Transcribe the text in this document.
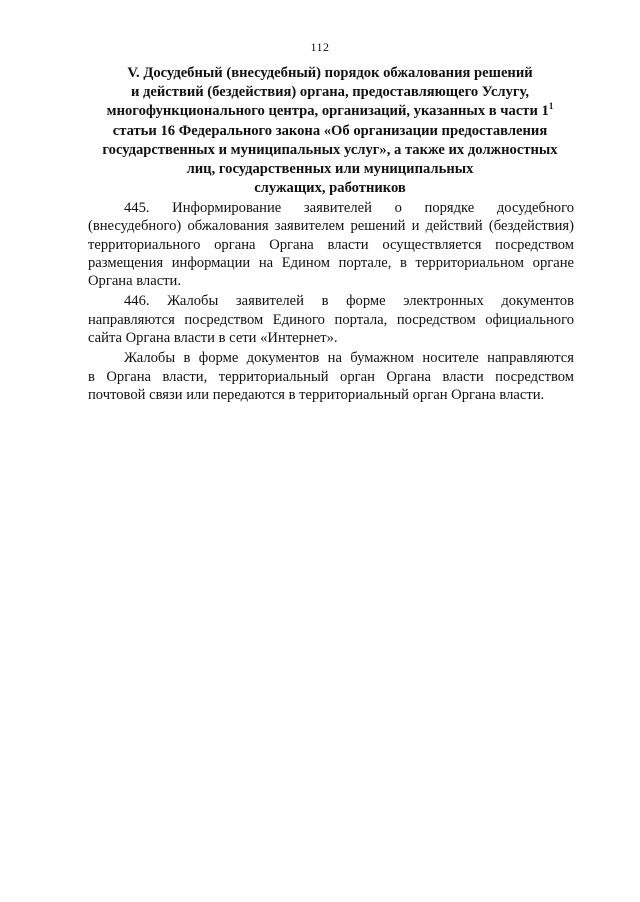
112
V. Досудебный (внесудебный) порядок обжалования решений
и действий (бездействия) органа, предоставляющего Услугу,
многофункционального центра, организаций, указанных в части $1^1$
статьи 16 Федерального закона «Об организации предоставления
государственных и муниципальных услуг», а также их должностных
лиц, государственных или муниципальных
служащих, работников

445. Информирование заявителей о порядке досудебного
(внесудебного) обжалования заявителем решений и действий (бездействия)
территориального органа Органа власти осуществляется посредством
размещения информации на Едином портале, в территориальном органе
Органа власти.

446. Жалобы заявителей в форме электронных документов
направляются посредством Единого портала, посредством официального
сайта Органа власти в сети «Интернет».

Жалобы в форме документов на бумажном носителе направляются
в Органа власти, территориальный орган Органа власти посредством
почтовой связи или передаются в территориальный орган Органа власти.
